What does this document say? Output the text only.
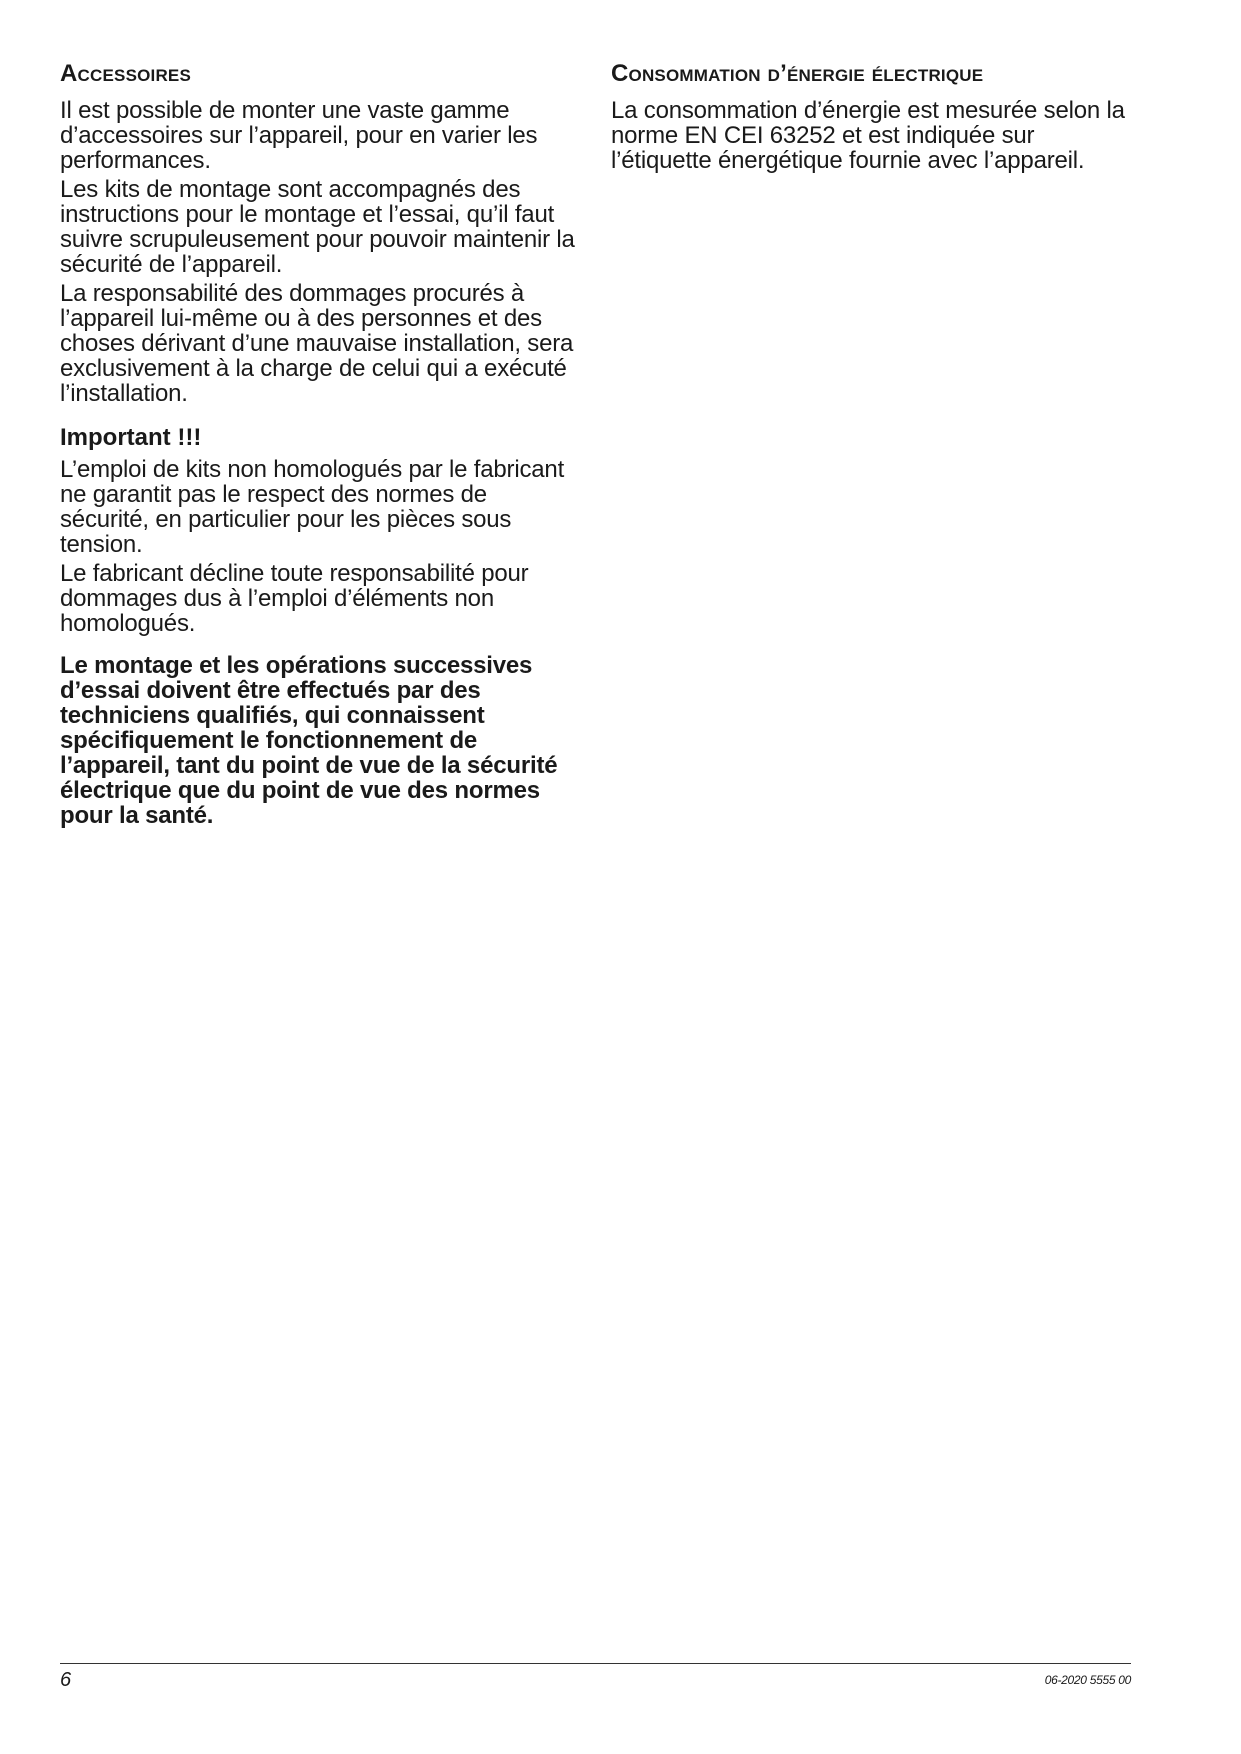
Accessoires

Il est possible de monter une vaste gamme d’accessoires sur l’appareil, pour en varier les performances.

Les kits de montage sont accompagnés des instructions pour le montage et l’essai, qu’il faut suivre scrupuleusement pour pouvoir maintenir la sécurité de l’appareil.

La responsabilité des dommages procurés à l’appareil lui-même ou à des personnes et des choses dérivant d’une mauvaise installation, sera exclusivement à la charge de celui qui a exécuté l’installation.

Important !!!

L’emploi de kits non homologués par le fabricant ne garantit pas le respect des normes de sécurité, en particulier pour les pièces sous tension.

Le fabricant décline toute responsabilité pour dommages dus à l’emploi d’éléments non homologués.

Le montage et les opérations successives d’essai doivent être effectués par des techniciens qualifiés, qui connaissent spécifiquement le fonctionnement de l’appareil, tant du point de vue de la sécurité électrique que du point de vue des normes pour la santé.

Consommation d’énergie électrique

La consommation d’énergie est mesurée selon la norme EN CEI 63252 et est indiquée sur l’étiquette énergétique fournie avec l’appareil.

6	06-2020 5555 00
